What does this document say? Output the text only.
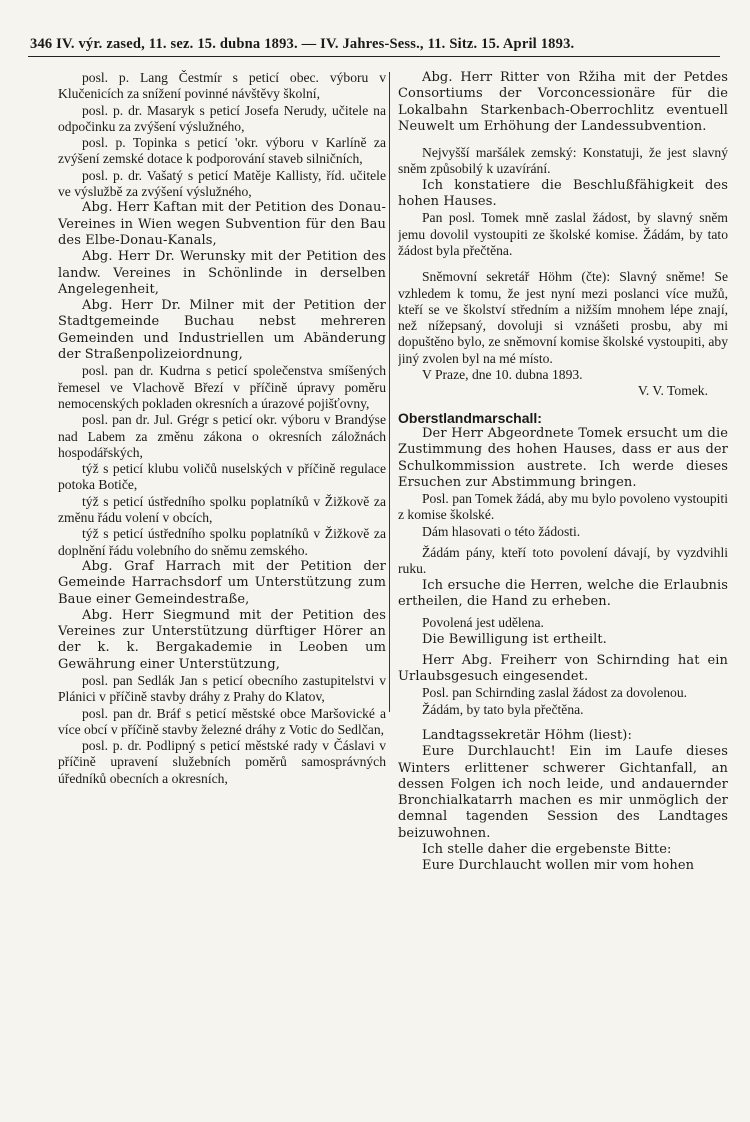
346 IV. výr. zased, 11. sez. 15. dubna 1893. — IV. Jahres-Sess., 11. Sitz. 15. April 1893.

posl. p. Lang Čestmír s peticí obec. výboru v Klučenicích za snížení povinné návštěvy školní,

posl. p. dr. Masaryk s peticí Josefa Nerudy, učitele na odpočinku za zvýšení výslužného,

posl. p. Topinka s peticí 'okr. výboru v Karlíně za zvýšení zemské dotace k podporování staveb silničních,

posl. p. dr. Vašatý s peticí Matěje Kallisty, říd. učitele ve výslužbě za zvýšení výslužného,

Abg. Herr Kaftan mit der Petition des Donau-Vereines in Wien wegen Subvention für den Bau des Elbe-Donau-Kanals,

Abg. Herr Dr. Werunsky mit der Petition des landw. Vereines in Schönlinde in derselben Angelegenheit,

Abg. Herr Dr. Milner mit der Petition der Stadtgemeinde Buchau nebst mehreren Gemeinden und Industriellen um Abänderung der Straßenpolizeiordnung,

posl. pan dr. Kudrna s peticí společenstva smíšených řemesel ve Vlachově Březí v příčině úpravy poměru nemocenských pokladen okresních a úrazové pojišťovny,

posl. pan dr. Jul. Grégr s peticí okr. výboru v Brandýse nad Labem za změnu zákona o okresních záložnách hospodářských,

týž s peticí klubu voličů nuselských v příčině regulace potoka Botiče,

týž s peticí ústředního spolku poplatníků v Žižkově za změnu řádu volení v obcích,

týž s peticí ústředního spolku poplatníků v Žižkově za doplnění řádu volebního do sněmu zemského.

Abg. Graf Harrach mit der Petition der Gemeinde Harrachsdorf um Unterstützung zum Baue einer Gemeindestraße,

Abg. Herr Siegmund mit der Petition des Vereines zur Unterstützung dürftiger Hörer an der k. k. Bergakademie in Leoben um Gewährung einer Unterstützung,

posl. pan Sedlák Jan s peticí obecního zastupitelstvi v Plánici v příčině stavby dráhy z Prahy do Klatov,

posl. pan dr. Bráf s peticí městské obce Maršovické a více obcí v příčině stavby železné dráhy z Votic do Sedlčan,

posl. p. dr. Podlipný s peticí městské rady v Čáslavi v příčině upravení služebních poměrů samosprávných úředníků obecních a okresních,

Abg. Herr Ritter von Ržiha mit der Petdes Consortiums der Vorconcessionäre für die Lokalbahn Starkenbach-Oberrochlitz eventuell Neuwelt um Erhöhung der Landessubvention.

Nejvyšší maršálek zemský: Konstatuji, že jest slavný sněm způsobilý k uzavírání.

Ich konstatiere die Beschlußfähigkeit des hohen Hauses.

Pan posl. Tomek mně zaslal žádost, by slavný sněm jemu dovolil vystoupiti ze školské komise. Žádám, by tato žádost byla přečtěna.

Sněmovní sekretář Höhm (čte): Slavný sněme! Se vzhledem k tomu, že jest nyní mezi poslanci více mužů, kteří se ve školství středním a nižším mnohem lépe znají, než nížepsaný, dovoluji si vznášeti prosbu, aby mi dopuštěno bylo, ze sněmovní komise školské vystoupiti, aby jiný zvolen byl na mé místo.

V Praze, dne 10. dubna 1893.

V. V. Tomek.

Oberstlandmarschall:

Der Herr Abgeordnete Tomek ersucht um die Zustimmung des hohen Hauses, dass er aus der Schulkommission austrete. Ich werde dieses Ersuchen zur Abstimmung bringen.

Posl. pan Tomek žádá, aby mu bylo povoleno vystoupiti z komise školské.

Dám hlasovati o této žádosti.

Žádám pány, kteří toto povolení dávají, by vyzdvihli ruku.

Ich ersuche die Herren, welche die Erlaubnis ertheilen, die Hand zu erheben.

Povolená jest udělena.

Die Bewilligung ist ertheilt.

Herr Abg. Freiherr von Schirnding hat ein Urlaubsgesuch eingesendet.

Posl. pan Schirnding zaslal žádost za dovolenou.

Žádám, by tato byla přečtěna.

Landtagssekretär Höhm (liest):

Eure Durchlaucht! Ein im Laufe dieses Winters erlittener schwerer Gichtanfall, an dessen Folgen ich noch leide, und andauernder Bronchialkatarrh machen es mir unmöglich der demnal tagenden Session des Landtages beizuwohnen.

Ich stelle daher die ergebenste Bitte:

Eure Durchlaucht wollen mir vom hohen
